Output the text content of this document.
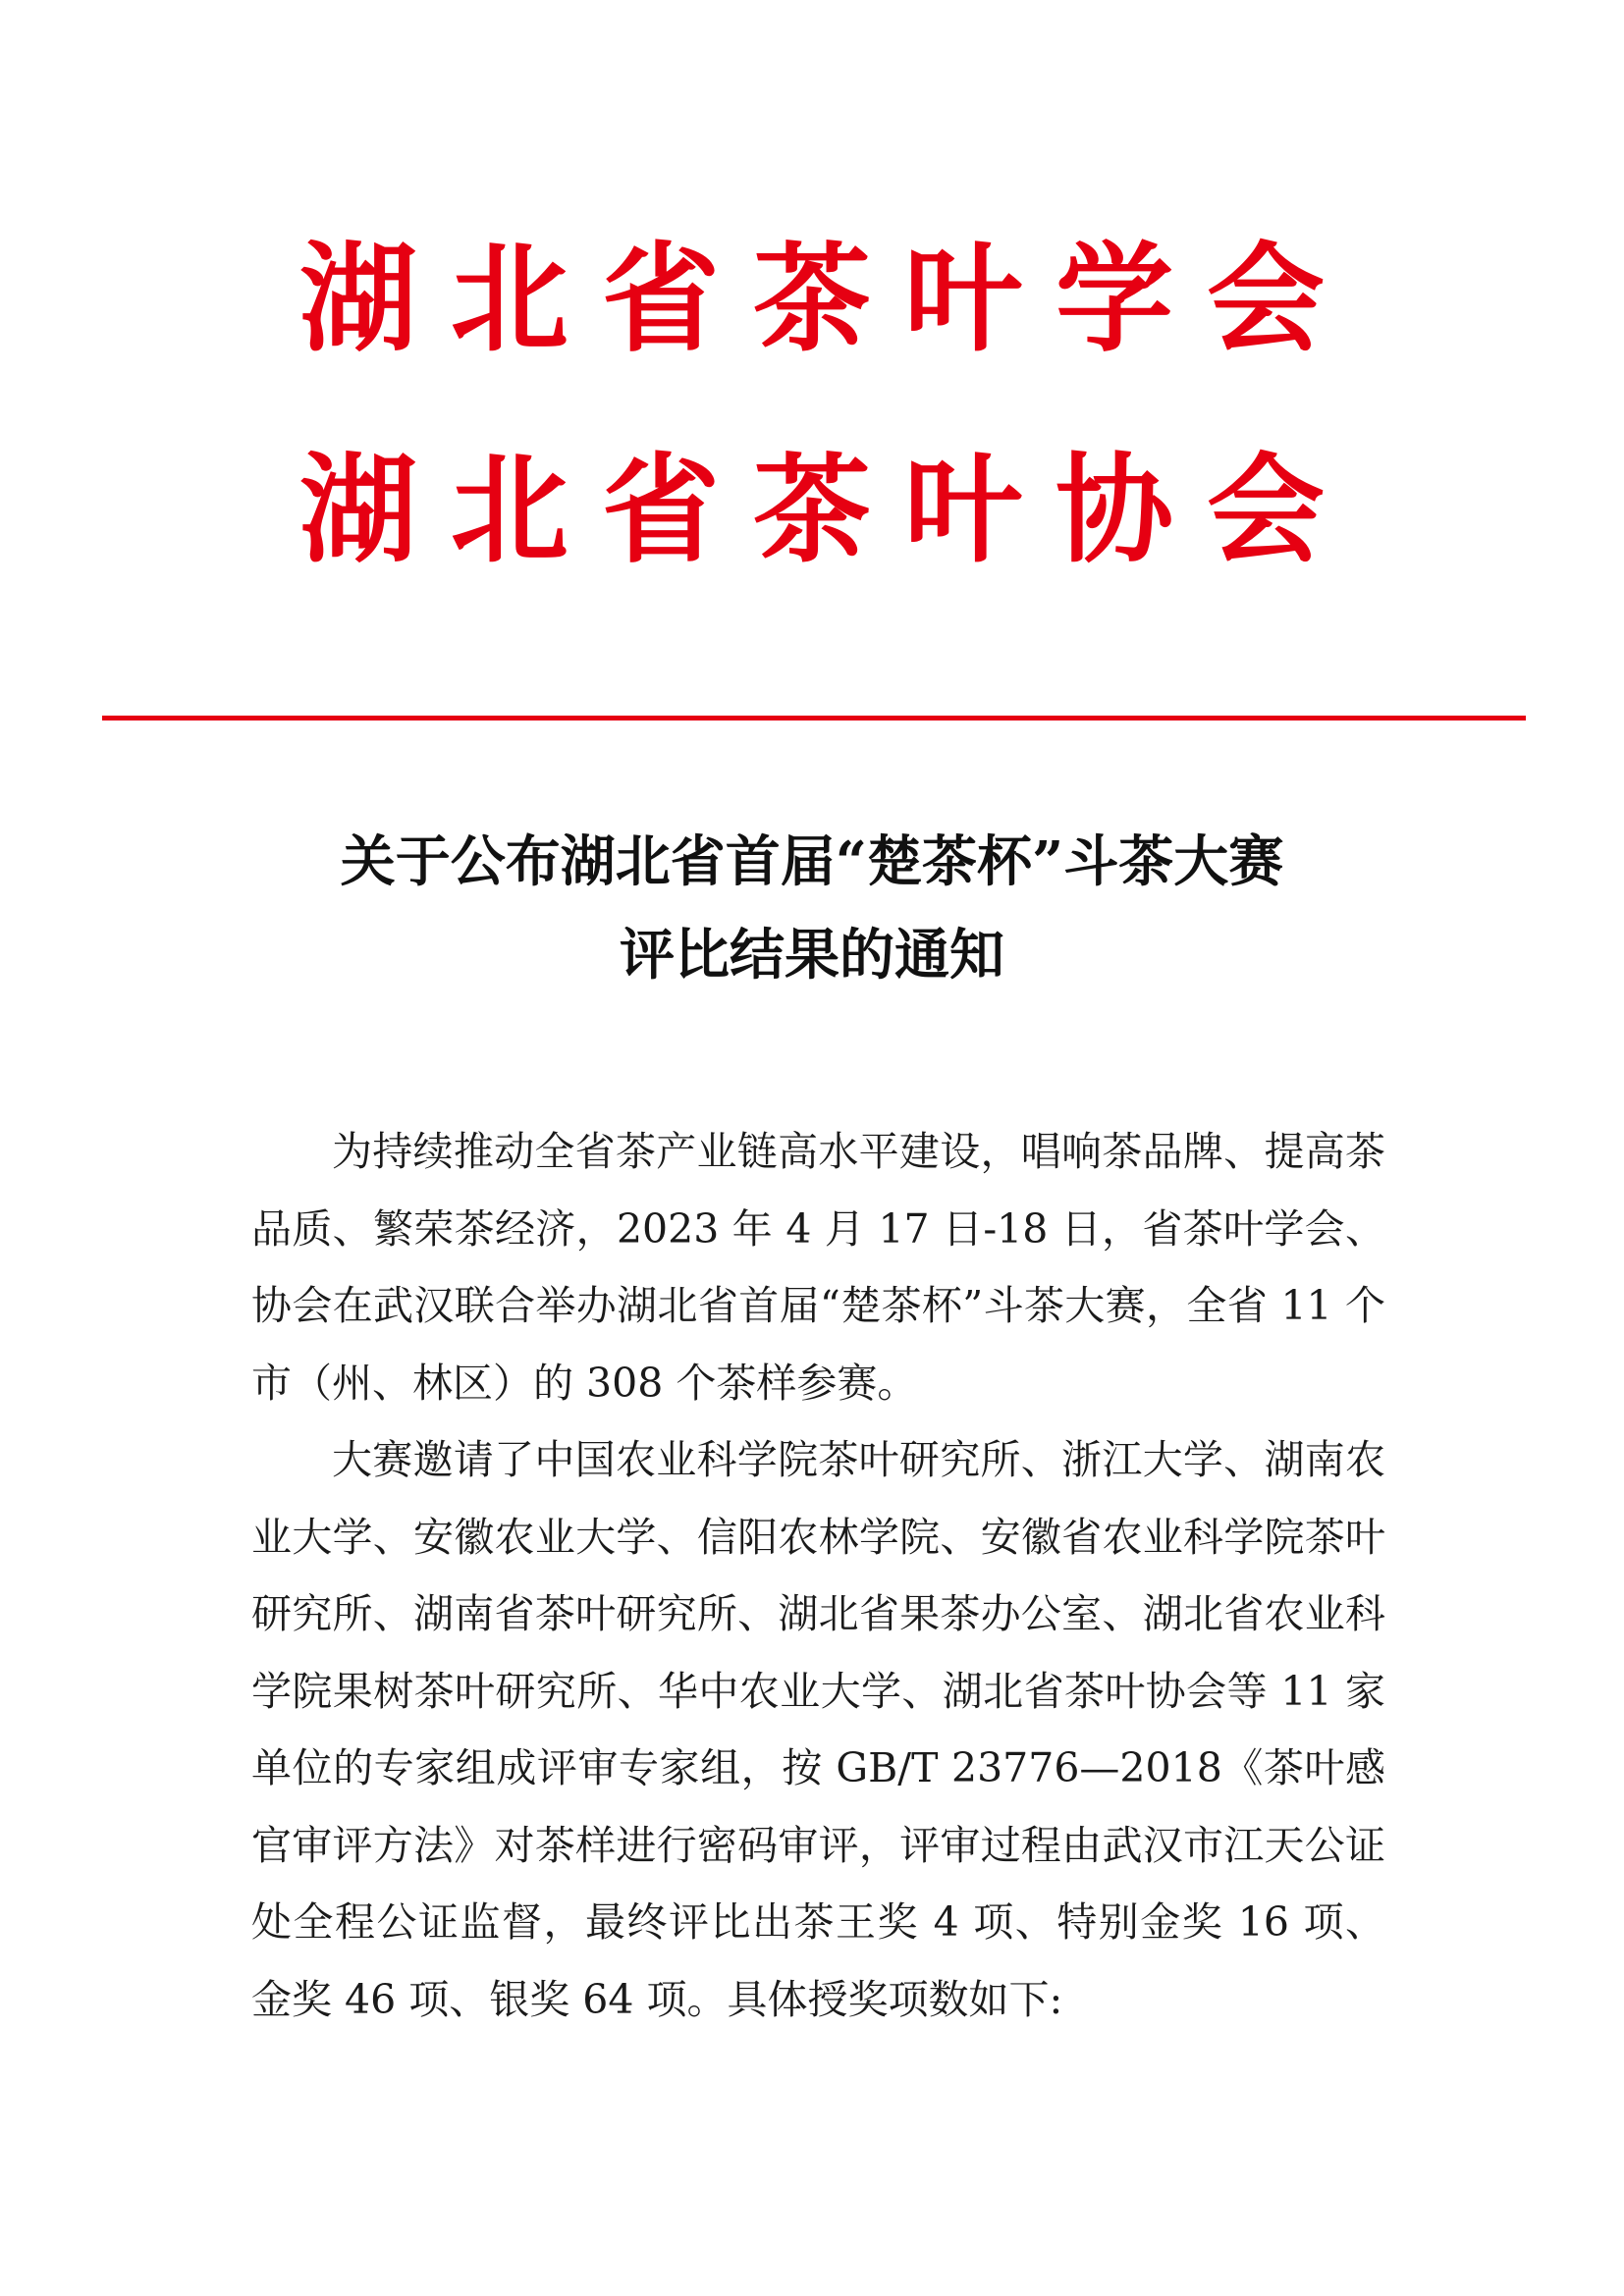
湖北省茶叶学会
湖北省茶叶协会
关于公布湖北省首届“楚茶杯”斗茶大赛
评比结果的通知

为持续推动全省茶产业链高水平建设，唱响茶品牌、提高茶品质、繁荣茶经济，2023 年 4 月 17 日-18 日，省茶叶学会、协会在武汉联合举办湖北省首届“楚茶杯”斗茶大赛，全省 11 个市（州、林区）的 308 个茶样参赛。

大赛邀请了中国农业科学院茶叶研究所、浙江大学、湖南农业大学、安徽农业大学、信阳农林学院、安徽省农业科学院茶叶研究所、湖南省茶叶研究所、湖北省果茶办公室、湖北省农业科学院果树茶叶研究所、华中农业大学、湖北省茶叶协会等 11 家单位的专家组成评审专家组，按 GB/T 23776—2018《茶叶感官审评方法》对茶样进行密码审评，评审过程由武汉市江天公证处全程公证监督，最终评比出茶王奖 4 项、特别金奖 16 项、金奖 46 项、银奖 64 项。具体授奖项数如下:
